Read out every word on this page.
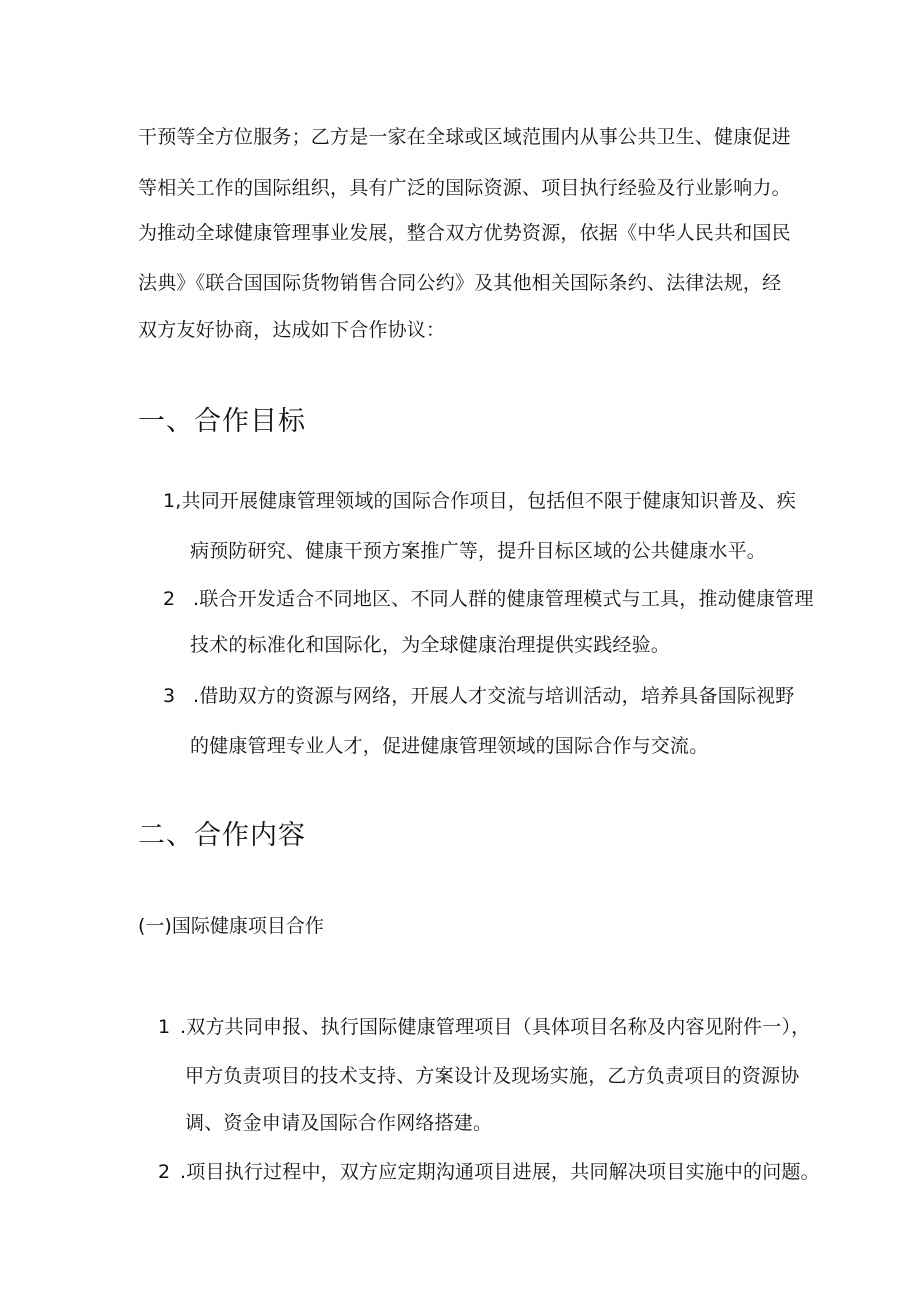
干预等全方位服务；乙方是一家在全球或区域范围内从事公共卫生、健康促进
等相关工作的国际组织，具有广泛的国际资源、项目执行经验及行业影响力。
为推动全球健康管理事业发展，整合双方优势资源，依据《中华人民共和国民
法典》《联合国国际货物销售合同公约》及其他相关国际条约、法律法规，经
双方友好协商，达成如下合作协议：
一、合作目标
1,共同开展健康管理领域的国际合作项目，包括但不限于健康知识普及、疾
病预防研究、健康干预方案推广等，提升目标区域的公共健康水平。
2 .联合开发适合不同地区、不同人群的健康管理模式与工具，推动健康管理
技术的标准化和国际化，为全球健康治理提供实践经验。
3 .借助双方的资源与网络，开展人才交流与培训活动，培养具备国际视野
的健康管理专业人才，促进健康管理领域的国际合作与交流。
二、合作内容
(一)国际健康项目合作
1 .双方共同申报、执行国际健康管理项目（具体项目名称及内容见附件一），
甲方负责项目的技术支持、方案设计及现场实施，乙方负责项目的资源协
调、资金申请及国际合作网络搭建。
2 .项目执行过程中，双方应定期沟通项目进展，共同解决项目实施中的问题。
